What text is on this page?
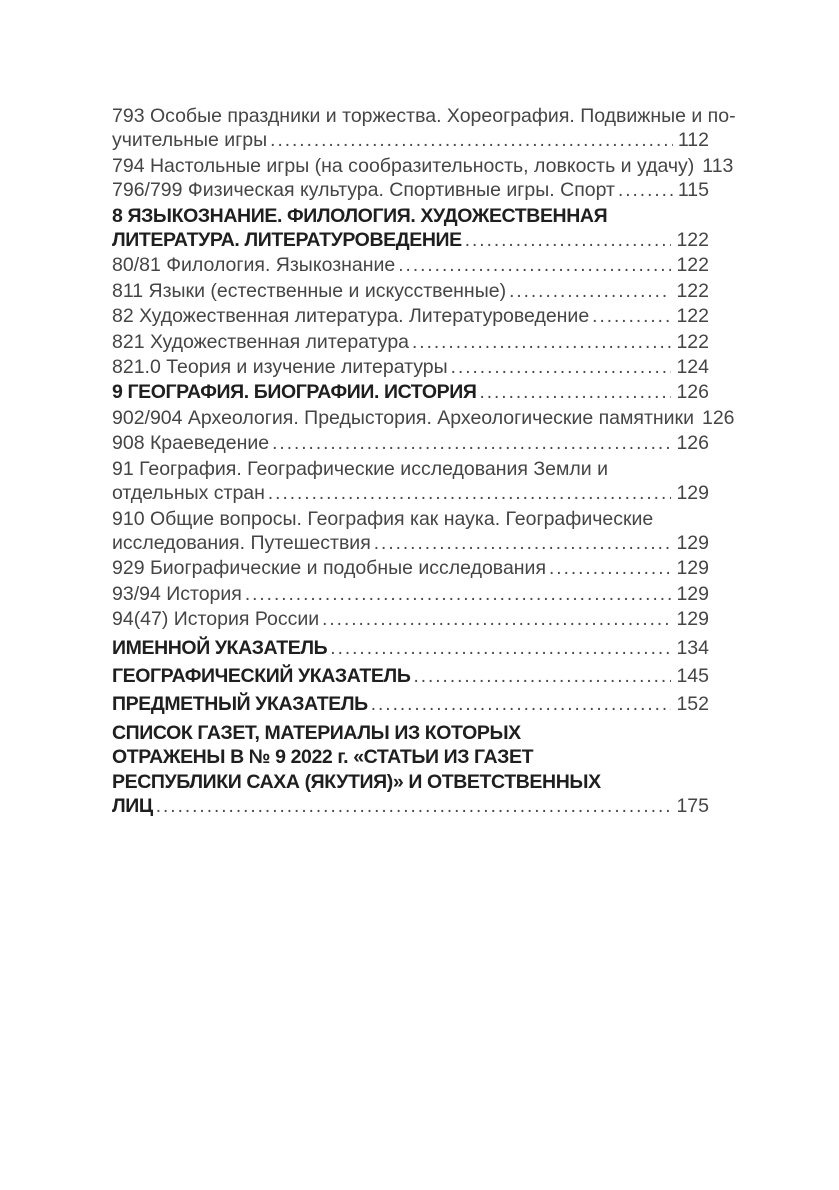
793 Особые праздники и торжества. Хореография. Подвижные и по-
учительные игры .....	112
794 Настольные игры (на сообразительность, ловкость и удачу) 113
796/799 Физическая культура. Спортивные игры. Спорт .....	115
8 ЯЗЫКОЗНАНИЕ. ФИЛОЛОГИЯ. ХУДОЖЕСТВЕННАЯ
ЛИТЕРАТУРА. ЛИТЕРАТУРОВЕДЕНИЕ .....	122
80/81 Филология. Языкознание .....	122
811 Языки (естественные и искусственные) .....	122
82 Художественная литература. Литературоведение .....	122
821 Художественная литература .....	122
821.0 Теория и изучение литературы .....	124
9 ГЕОГРАФИЯ. БИОГРАФИИ. ИСТОРИЯ .....	126
902/904 Археология. Предыстория. Археологические памятники 126
908 Краеведение .....	126
91 География. Географические исследования Земли и
отдельных стран .....	129
910 Общие вопросы. География как наука. Географические
исследования. Путешествия .....	129
929 Биографические и подобные исследования .....	129
93/94 История .....	129
94(47) История России .....	129
ИМЕННОЙ УКАЗАТЕЛЬ .....	134
ГЕОГРАФИЧЕСКИЙ УКАЗАТЕЛЬ .....	145
ПРЕДМЕТНЫЙ УКАЗАТЕЛЬ .....	152
СПИСОК ГАЗЕТ, МАТЕРИАЛЫ ИЗ КОТОРЫХ
ОТРАЖЕНЫ В № 9 2022 г. «СТАТЬИ ИЗ ГАЗЕТ
РЕСПУБЛИКИ САХА (ЯКУТИЯ)» И ОТВЕТСТВЕННЫХ
ЛИЦ .....	175
